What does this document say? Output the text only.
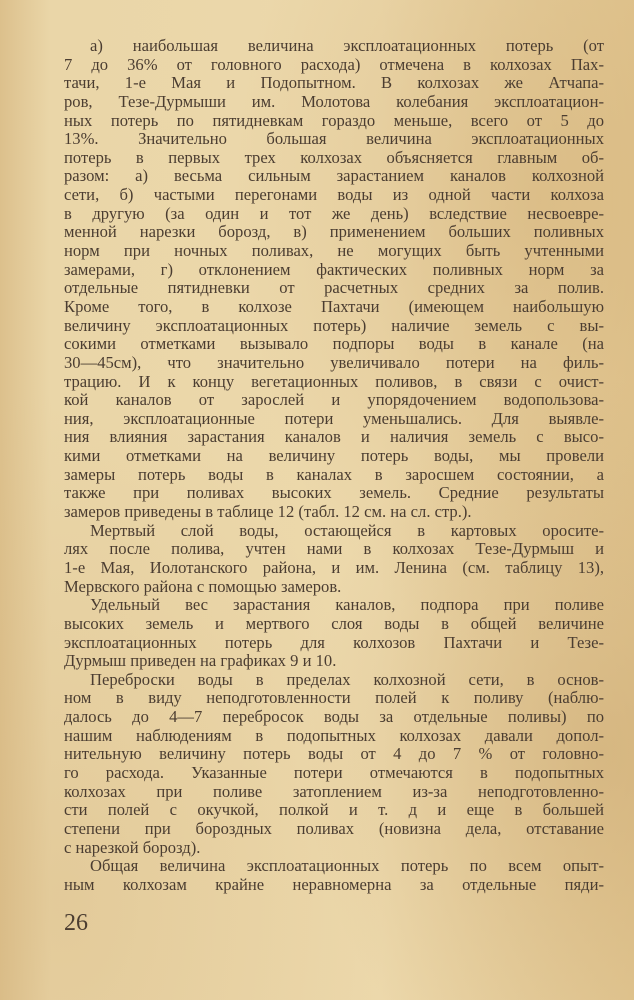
а) наибольшая величина эксплоатационных потерь (от
7 до 36% от головного расхода) отмечена в колхозах Пах-
тачи, 1-е Мая и Подопытном. В колхозах же Атчапа-
ров, Тезе-Дурмыши им. Молотова колебания эксплоатацион-
ных потерь по пятидневкам гораздо меньше, всего от 5 до
13%. Значительно большая величина эксплоатационных
потерь в первых трех колхозах объясняется главным об-
разом: а) весьма сильным зарастанием каналов колхозной
сети, б) частыми перегонами воды из одной части колхоза
в другую (за один и тот же день) вследствие несвоевре-
менной нарезки борозд, в) применением больших поливных
норм при ночных поливах, не могущих быть учтенными
замерами, г) отклонением фактических поливных норм за
отдельные пятидневки от расчетных средних за полив.
Кроме того, в колхозе Пахтачи (имеющем наибольшую
величину эксплоатационных потерь) наличие земель с вы-
сокими отметками вызывало подпоры воды в канале (на
30—45см), что значительно увеличивало потери на филь-
трацию. И к концу вегетационных поливов, в связи с очист-
кой каналов от зарослей и упорядочением водопользова-
ния, эксплоатационные потери уменьшались. Для выявле-
ния влияния зарастания каналов и наличия земель с высо-
кими отметками на величину потерь воды, мы провели
замеры потерь воды в каналах в заросшем состоянии, а
также при поливах высоких земель. Средние результаты
замеров приведены в таблице 12 (табл. 12 см. на сл. стр.).
Мертвый слой воды, остающейся в картовых оросите-
лях после полива, учтен нами в колхозах Тезе-Дурмыш и
1-е Мая, Иолотанского района, и им. Ленина (см. таблицу 13),
Мервского района с помощью замеров.
Удельный вес зарастания каналов, подпора при поливе
высоких земель и мертвого слоя воды в общей величине
эксплоатационных потерь для колхозов Пахтачи и Тезе-
Дурмыш приведен на графиках 9 и 10.
Переброски воды в пределах колхозной сети, в основ-
ном в виду неподготовленности полей к поливу (наблю-
далось до 4—7 перебросок воды за отдельные поливы) по
нашим наблюдениям в подопытных колхозах давали допол-
нительную величину потерь воды от 4 до 7 % от головно-
го расхода. Указанные потери отмечаются в подопытных
колхозах при поливе затоплением из-за неподготовленно-
сти полей с окучкой, полкой и т. д и еще в большей
степени при бороздных поливах (новизна дела, отставание
с нарезкой борозд).
Общая величина эксплоатационных потерь по всем опыт-
ным колхозам крайне неравномерна за отдельные пяди-
26
